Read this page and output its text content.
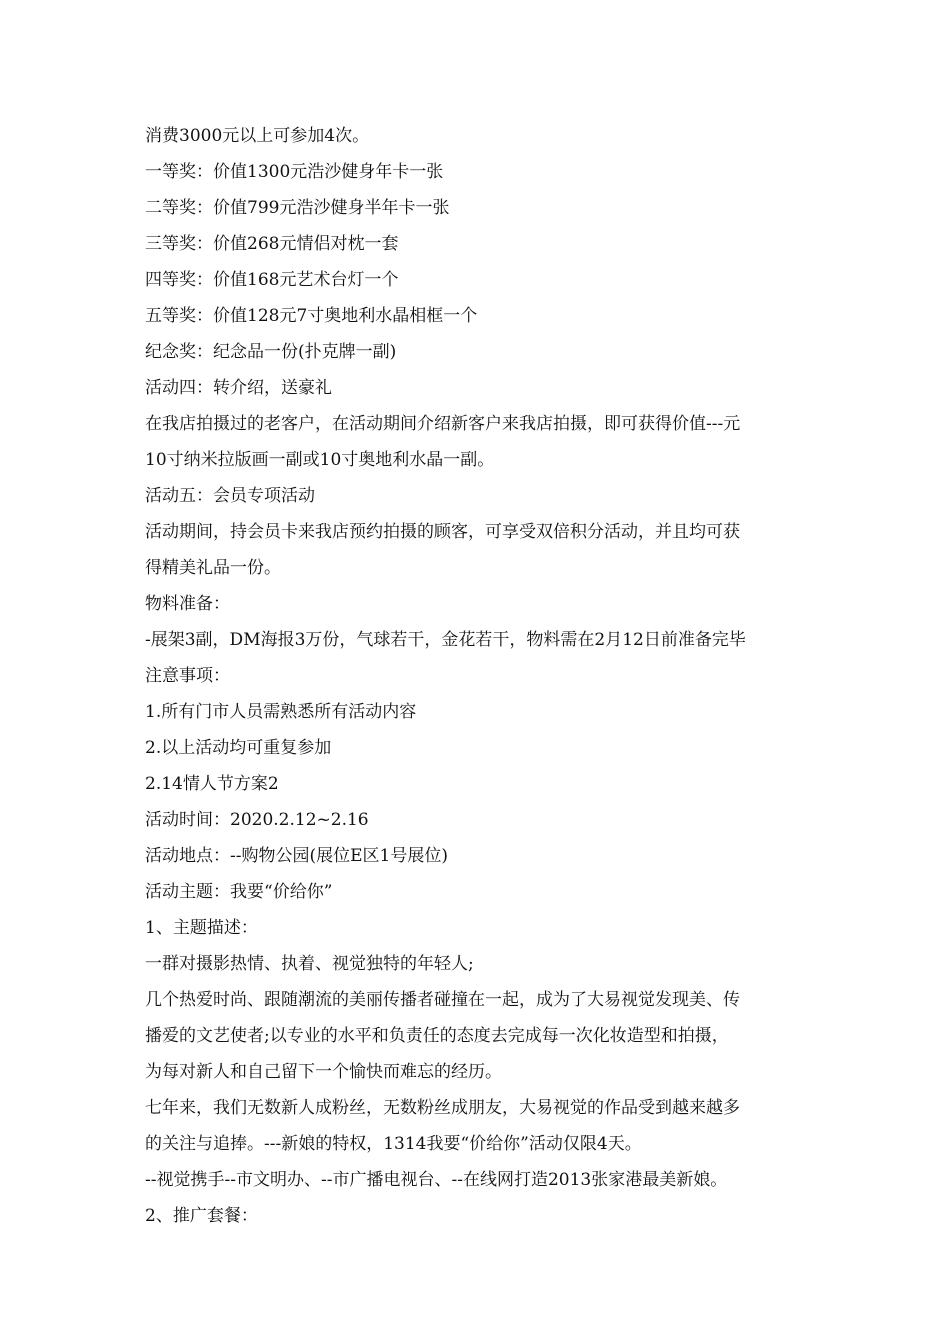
消费3000元以上可参加4次。

一等奖：价值1300元浩沙健身年卡一张

二等奖：价值799元浩沙健身半年卡一张

三等奖：价值268元情侣对枕一套

四等奖：价值168元艺术台灯一个

五等奖：价值128元7寸奥地利水晶相框一个

纪念奖：纪念品一份(扑克牌一副)

活动四：转介绍，送豪礼

在我店拍摄过的老客户，在活动期间介绍新客户来我店拍摄，即可获得价值---元

10寸纳米拉版画一副或10寸奥地利水晶一副。

活动五：会员专项活动

活动期间，持会员卡来我店预约拍摄的顾客，可享受双倍积分活动，并且均可获

得精美礼品一份。

物料准备：

-展架3副，DM海报3万份，气球若干，金花若干，物料需在2月12日前准备完毕

注意事项：

1.所有门市人员需熟悉所有活动内容

2.以上活动均可重复参加

2.14情人节方案2

活动时间：2020.2.12~2.16

活动地点：--购物公园(展位E区1号展位)

活动主题：我要“价给你”

1、主题描述：

一群对摄影热情、执着、视觉独特的年轻人;

几个热爱时尚、跟随潮流的美丽传播者碰撞在一起，成为了大易视觉发现美、传

播爱的文艺使者;以专业的水平和负责任的态度去完成每一次化妆造型和拍摄，

为每对新人和自己留下一个愉快而难忘的经历。

七年来，我们无数新人成粉丝，无数粉丝成朋友，大易视觉的作品受到越来越多

的关注与追捧。---新娘的特权，1314我要“价给你”活动仅限4天。

--视觉携手--市文明办、--市广播电视台、--在线网打造2013张家港最美新娘。

2、推广套餐：
